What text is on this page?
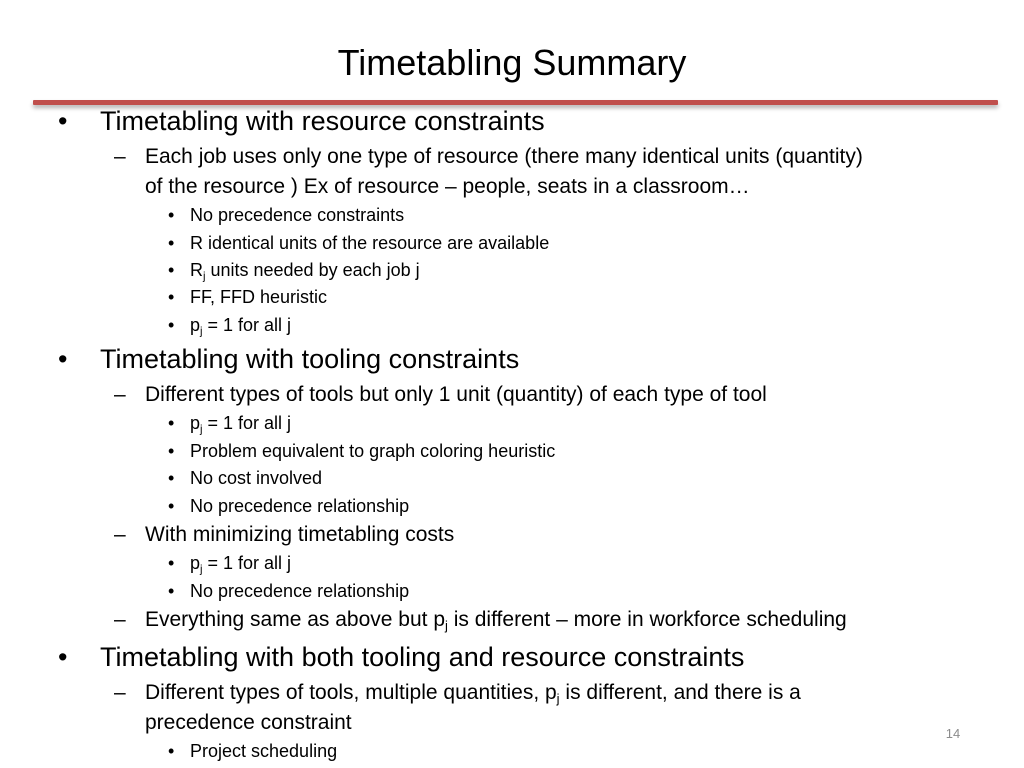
Timetabling Summary
• Timetabling with resource constraints
– Each job uses only one type of resource (there many identical units (quantity)
of the resource ) Ex of resource – people, seats in a classroom…
• No precedence constraints
• R identical units of the resource are available
• $R_j$ units needed by each job j
• FF, FFD heuristic
• $p_j = 1$ for all j
• Timetabling with tooling constraints
– Different types of tools but only 1 unit (quantity) of each type of tool
• $p_j = 1$ for all j
• Problem equivalent to graph coloring heuristic
• No cost involved
• No precedence relationship
– With minimizing timetabling costs
• $p_j = 1$ for all j
• No precedence relationship
– Everything same as above but $p_j$ is different – more in workforce scheduling
• Timetabling with both tooling and resource constraints
– Different types of tools, multiple quantities, $p_j$ is different, and there is a
precedence constraint
• Project scheduling
14
